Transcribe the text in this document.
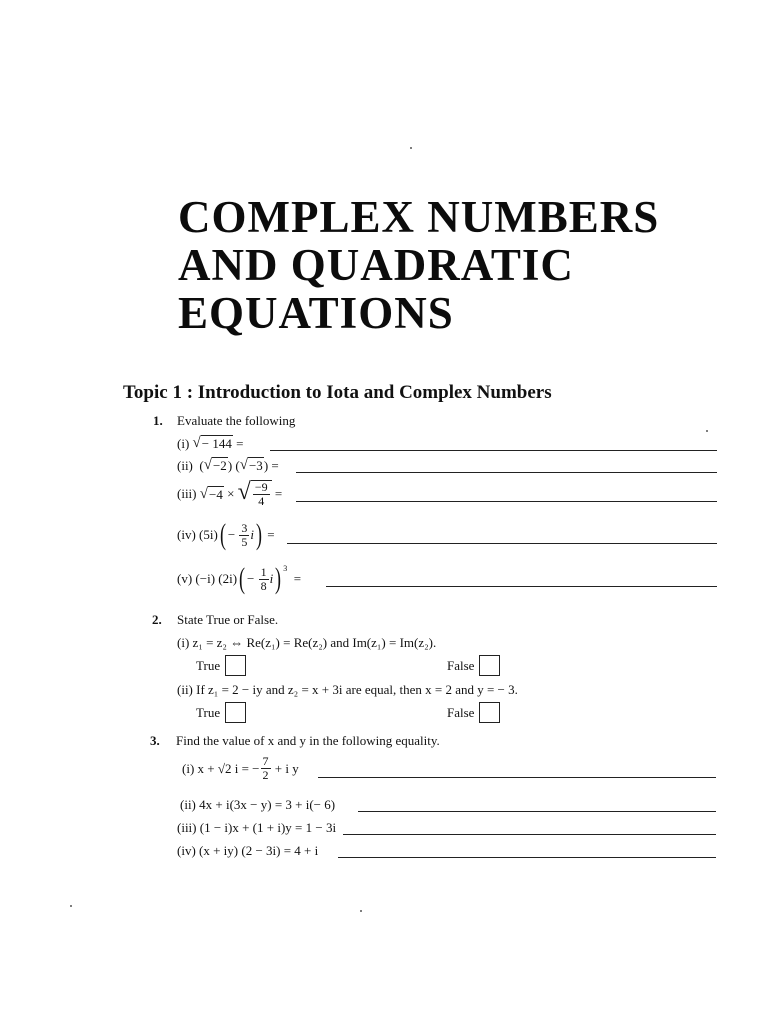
COMPLEX NUMBERS
AND QUADRATIC
EQUATIONS
Topic 1 : Introduction to Iota and Complex Numbers
1. Evaluate the following
(i)
√ − 144
=
(ii) ( √ −2 ) ( √ −3 ) =
(iii)
√ −4
×
√ $\frac{-9}{4}$
=
(iv)
(5i) ( −
$\frac{3}{5}$ i )
=
(v)
(−i) (2i) ( −
$\frac{1}{8}$ i ) $^3$

=
2. State True or False.
(i) z₁ = z₂ ⇔ Re(z₁) = Re(z₂) and Im(z₁) = Im(z₂).
True	False
(ii) If z₁ = 2 − iy and z₂ = x + 3i are equal, then x = 2 and y = − 3.
True	False
3. Find the value of x and y in the following equality.
(i) x + √2 i = − $\frac{7}{2}$
+ i y
(ii) 4x + i(3x − y) = 3 + i(− 6)
(iii) (1 − i)x + (1 + i)y = 1 − 3i
(iv) (x + iy) (2 − 3i) = 4 + i
